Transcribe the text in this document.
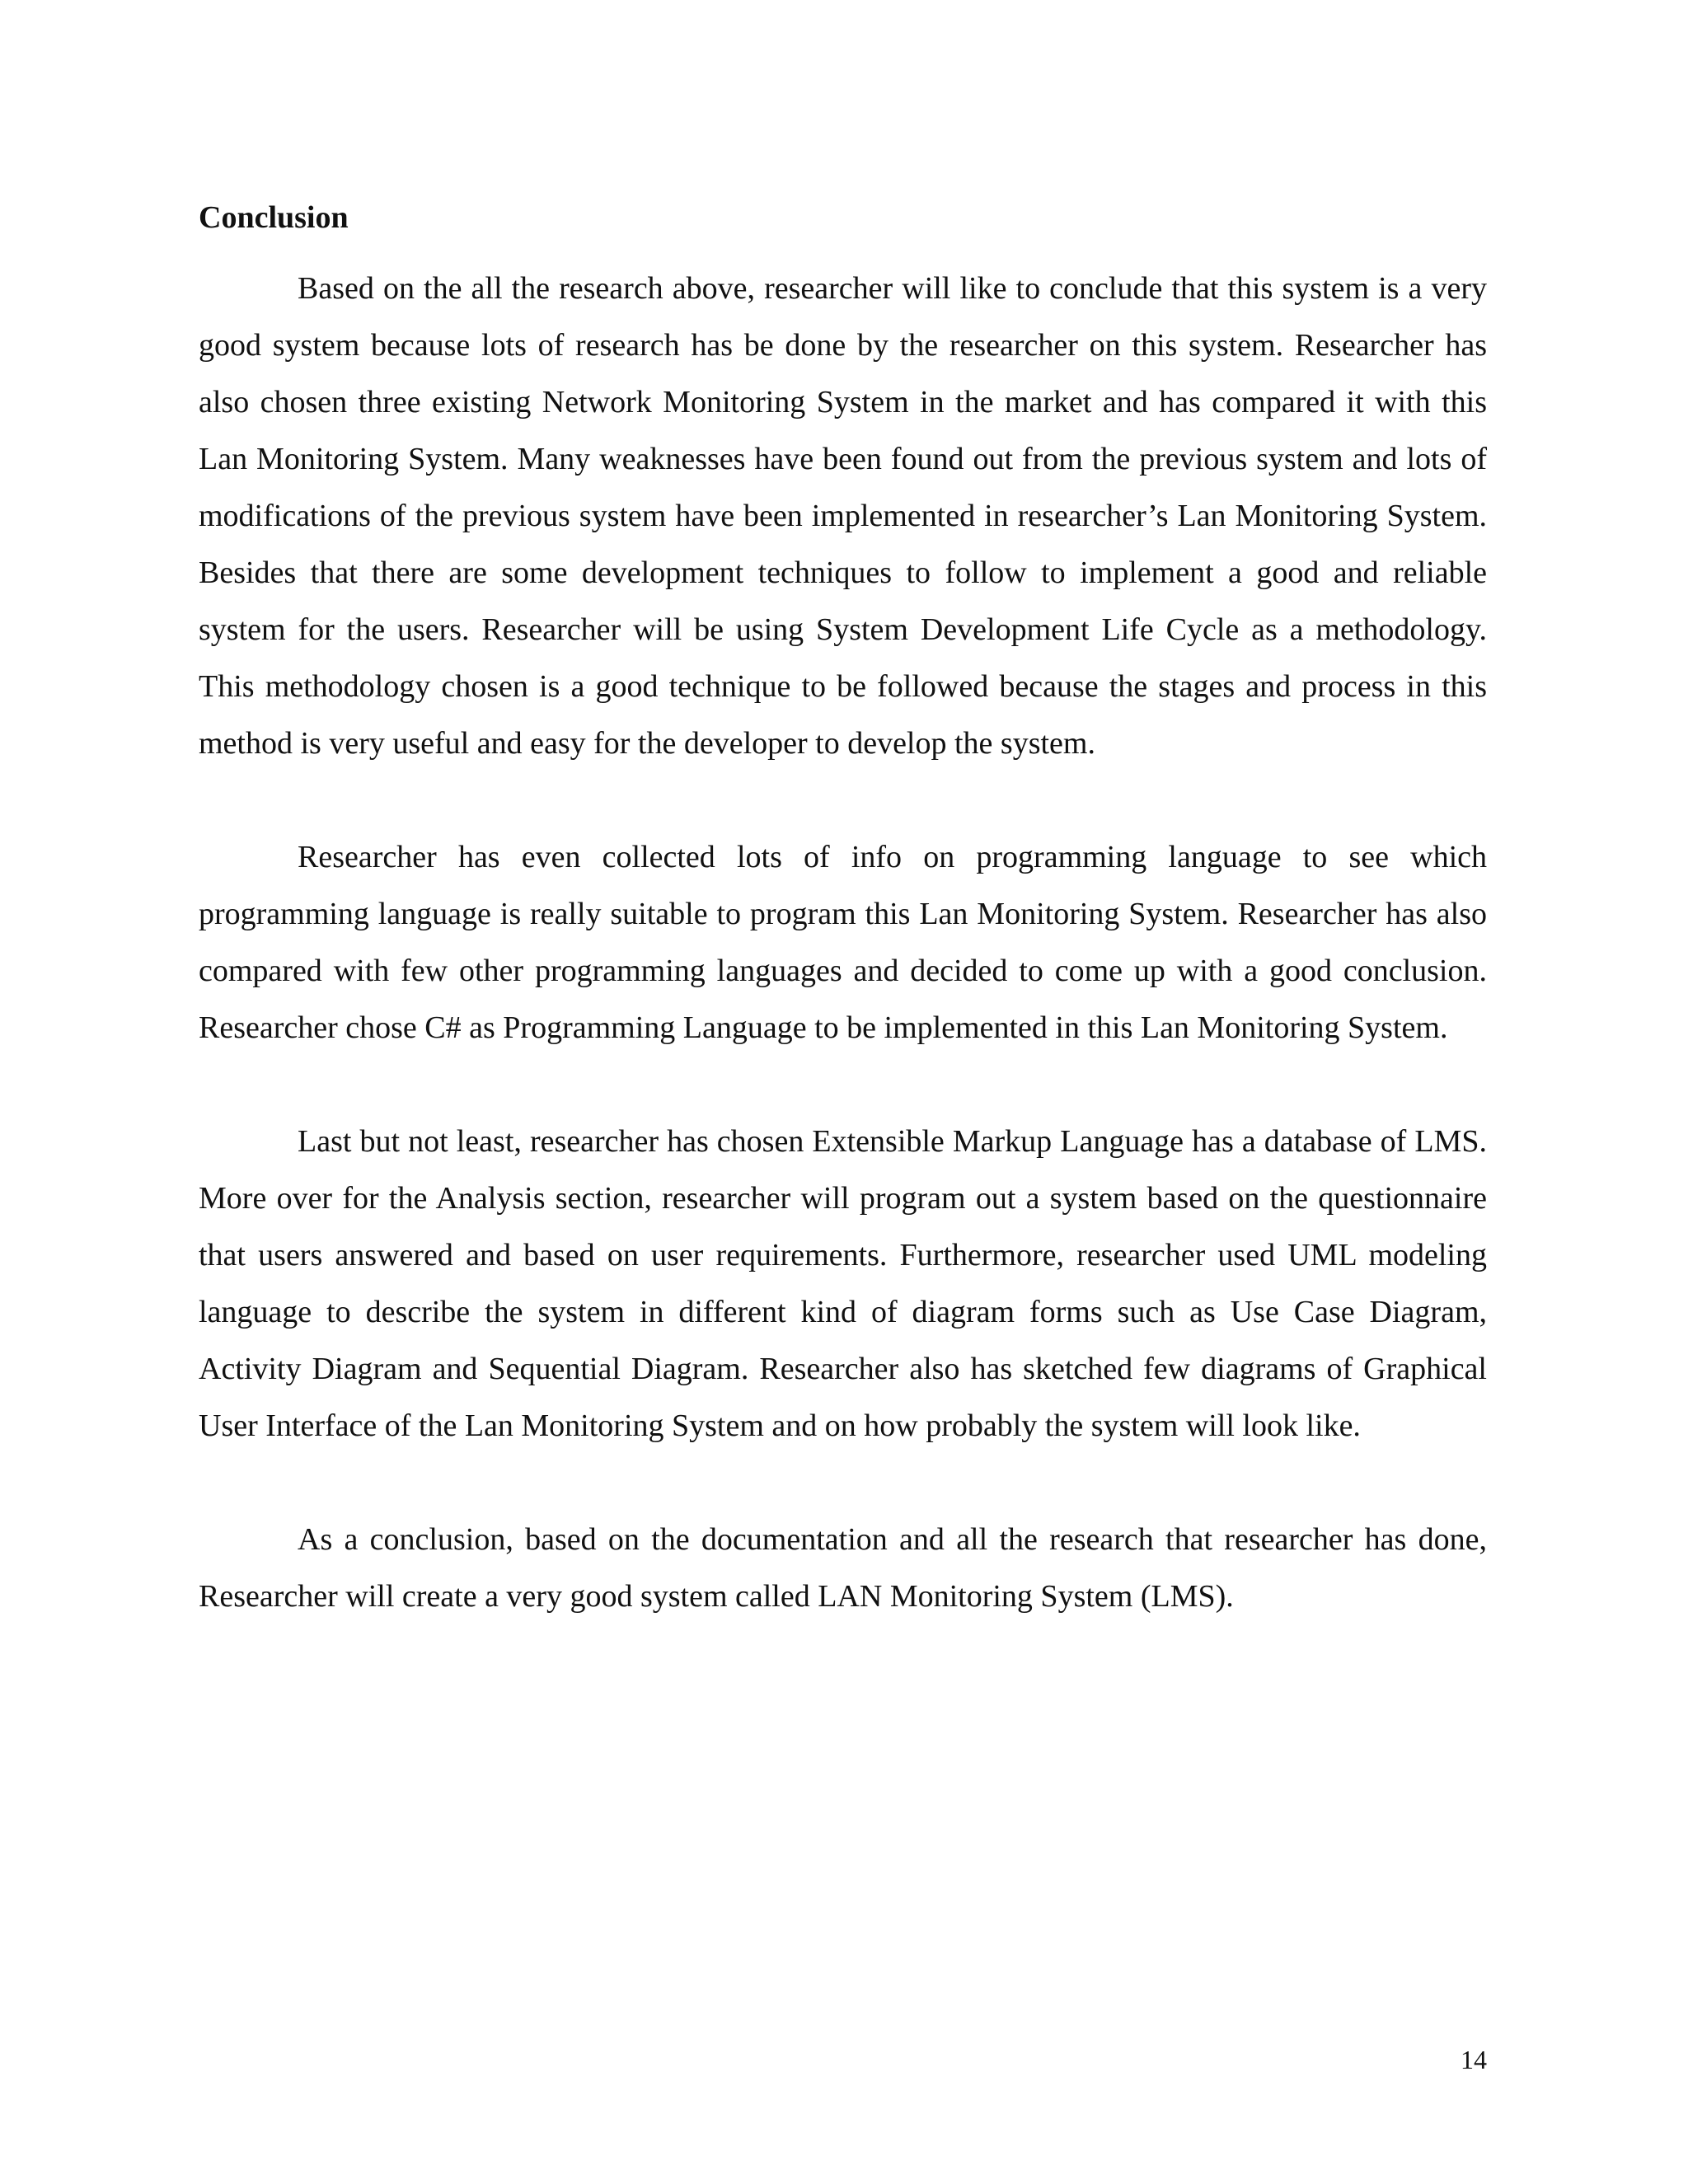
Conclusion

Based on the all the research above, researcher will like to conclude that this system is a very good system because lots of research has be done by the researcher on this system. Researcher has also chosen three existing Network Monitoring System in the market and has compared it with this Lan Monitoring System. Many weaknesses have been found out from the previous system and lots of modifications of the previous system have been implemented in researcher’s Lan Monitoring System. Besides that there are some development techniques to follow to implement a good and reliable system for the users. Researcher will be using System Development Life Cycle as a methodology. This methodology chosen is a good technique to be followed because the stages and process in this method is very useful and easy for the developer to develop the system.

Researcher has even collected lots of info on programming language to see which programming language is really suitable to program this Lan Monitoring System. Researcher has also compared with few other programming languages and decided to come up with a good conclusion. Researcher chose C# as Programming Language to be implemented in this Lan Monitoring System.

Last but not least, researcher has chosen Extensible Markup Language has a database of LMS. More over for the Analysis section, researcher will program out a system based on the questionnaire that users answered and based on user requirements. Furthermore, researcher used UML modeling language to describe the system in different kind of diagram forms such as Use Case Diagram, Activity Diagram and Sequential Diagram. Researcher also has sketched few diagrams of Graphical User Interface of the Lan Monitoring System and on how probably the system will look like.

As a conclusion, based on the documentation and all the research that researcher has done, Researcher will create a very good system called LAN Monitoring System (LMS).

14
